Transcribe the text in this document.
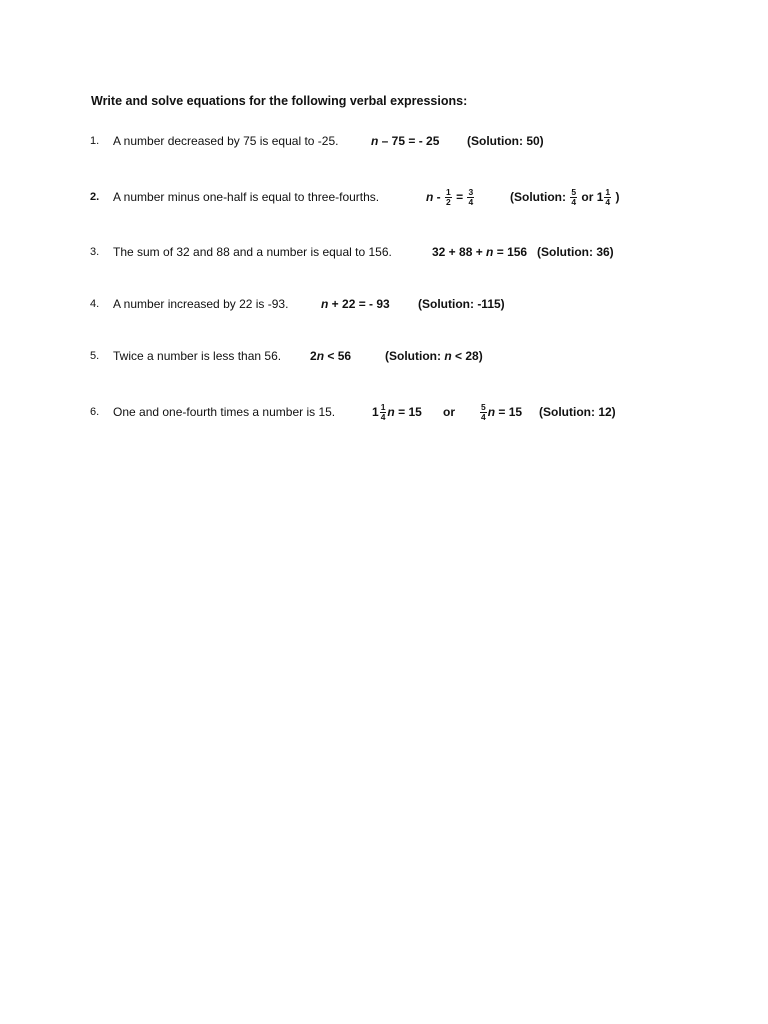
Write and solve equations for the following verbal expressions:
1. A number decreased by 75 is equal to -25.	n – 75 = - 25 (Solution: 50)
2. A number minus one-half is equal to three-fourths.	$n - \frac{1}{2} = \frac{3}{4}$	(Solution: $\frac{5}{4}$ or $1 \frac{1}{4}$ )
3. The sum of 32 and 88 and a number is equal to 156.	32 + 88 + n = 156 (Solution: 36)
4. A number increased by 22 is -93.	n + 22 = - 93 (Solution: -115)
5. Twice a number is less than 56. 2n < 56	(Solution: n < 28)
6. One and one-fourth times a number is 15.	$1 \frac{1}{4}$ n = 15 or	$\frac{5}{4}$ n = 15 (Solution: 12)
